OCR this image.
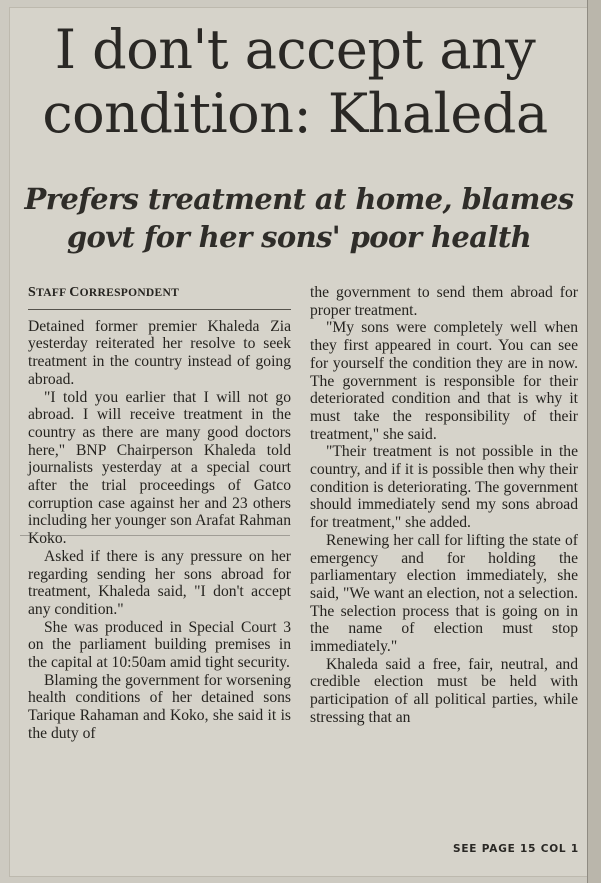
I don't accept any
condition: Khaleda
Prefers treatment at home, blames
govt for her sons' poor health
STAFF CORRESPONDENT

Detained former premier Khaleda Zia yesterday reiterated her resolve to seek treatment in the country instead of going abroad.

"I told you earlier that I will not go abroad. I will receive treatment in the country as there are many good doctors here," BNP Chairperson Khaleda told journalists yesterday at a special court after the trial proceedings of Gatco corruption case against her and 23 others including her younger son Arafat Rahman Koko.

Asked if there is any pressure on her regarding sending her sons abroad for treatment, Khaleda said, "I don't accept any condition."

She was produced in Special Court 3 on the parliament building premises in the capital at 10:50am amid tight security.

Blaming the government for worsening health conditions of her detained sons Tarique Rahaman and Koko, she said it is the duty of

the government to send them abroad for proper treatment.

"My sons were completely well when they first appeared in court. You can see for yourself the condition they are in now. The government is responsible for their deteriorated condition and that is why it must take the responsibility of their treatment," she said.

"Their treatment is not possible in the country, and if it is possible then why their condition is deteriorating. The government should immediately send my sons abroad for treatment," she added.

Renewing her call for lifting the state of emergency and for holding the parliamentary election immediately, she said, "We want an election, not a selection. The selection process that is going on in the name of election must stop immediately."

Khaleda said a free, fair, neutral, and credible election must be held with participation of all political parties, while stressing that an

SEE PAGE 15 COL 1
